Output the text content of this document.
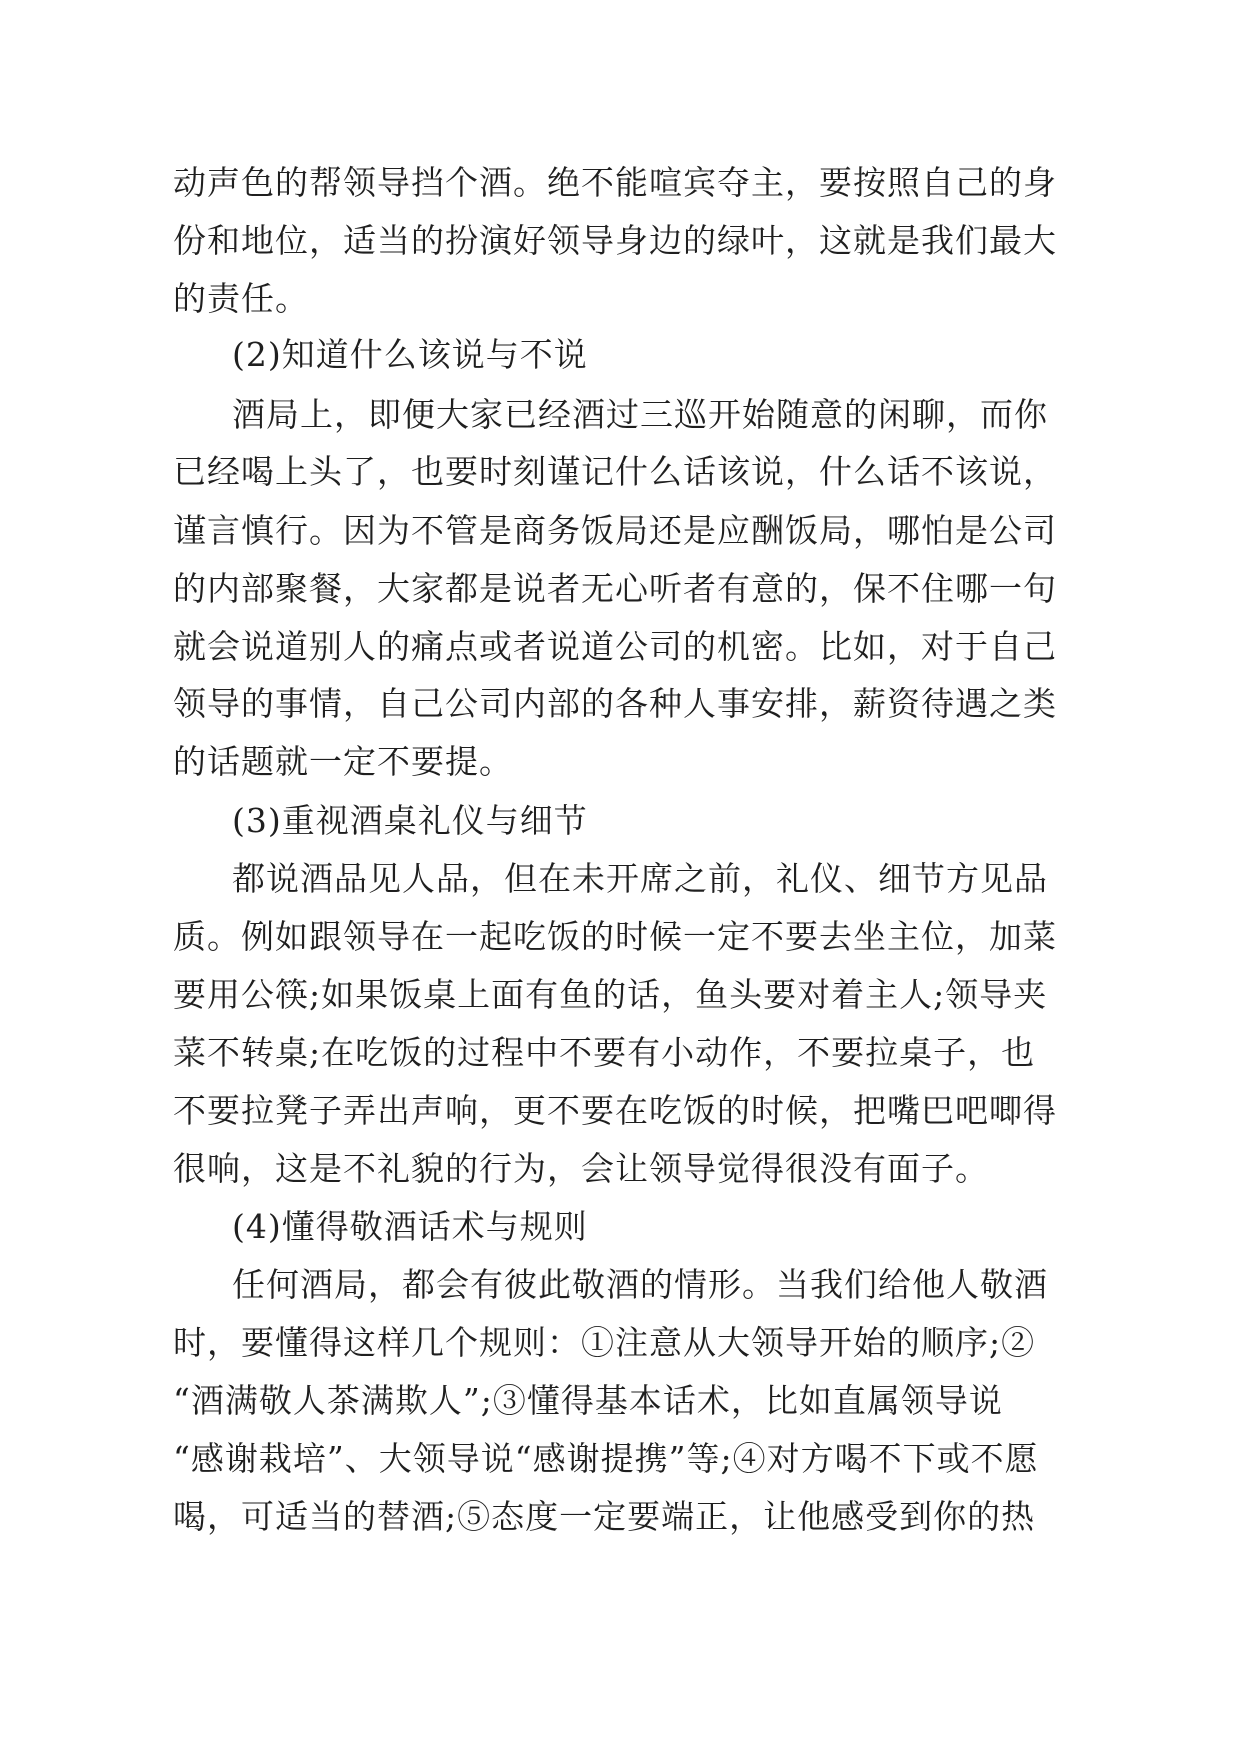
动声色的帮领导挡个酒。绝不能喧宾夺主，要按照自己的身
份和地位，适当的扮演好领导身边的绿叶，这就是我们最大
的责任。
(2)知道什么该说与不说
酒局上，即便大家已经酒过三巡开始随意的闲聊，而你
已经喝上头了，也要时刻谨记什么话该说，什么话不该说，
谨言慎行。因为不管是商务饭局还是应酬饭局，哪怕是公司
的内部聚餐，大家都是说者无心听者有意的，保不住哪一句
就会说道别人的痛点或者说道公司的机密。比如，对于自己
领导的事情，自己公司内部的各种人事安排，薪资待遇之类
的话题就一定不要提。
(3)重视酒桌礼仪与细节
都说酒品见人品，但在未开席之前，礼仪、细节方见品
质。例如跟领导在一起吃饭的时候一定不要去坐主位，加菜
要用公筷;如果饭桌上面有鱼的话，鱼头要对着主人;领导夹
菜不转桌;在吃饭的过程中不要有小动作，不要拉桌子，也
不要拉凳子弄出声响，更不要在吃饭的时候，把嘴巴吧唧得
很响，这是不礼貌的行为，会让领导觉得很没有面子。
(4)懂得敬酒话术与规则
任何酒局，都会有彼此敬酒的情形。当我们给他人敬酒
时，要懂得这样几个规则：①注意从大领导开始的顺序;②
“酒满敬人茶满欺人”;③懂得基本话术，比如直属领导说
“感谢栽培”、大领导说“感谢提携”等;④对方喝不下或不愿
喝，可适当的替酒;⑤态度一定要端正，让他感受到你的热
